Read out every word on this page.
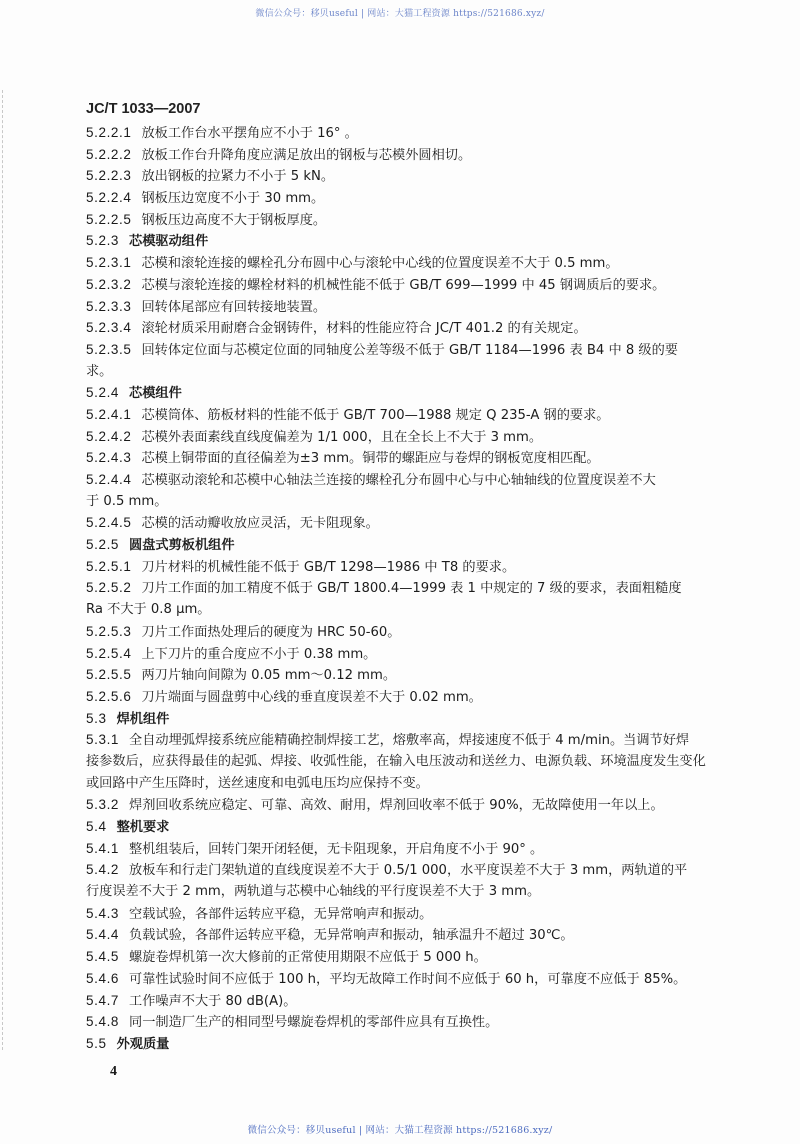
微信公众号：移贝useful | 网站：大猫工程资源 https://521686.xyz/
JC/T 1033—2007
5.2.2.1 放板工作台水平摆角应不小于 16° 。
5.2.2.2 放板工作台升降角度应满足放出的钢板与芯模外圆相切。
5.2.2.3 放出钢板的拉紧力不小于 5 kN。
5.2.2.4 钢板压边宽度不小于 30 mm。
5.2.2.5 钢板压边高度不大于钢板厚度。
5.2.3 芯模驱动组件
5.2.3.1 芯模和滚轮连接的螺栓孔分布圆中心与滚轮中心线的位置度误差不大于 0.5 mm。
5.2.3.2 芯模与滚轮连接的螺栓材料的机械性能不低于 GB/T 699—1999 中 45 钢调质后的要求。
5.2.3.3 回转体尾部应有回转接地装置。
5.2.3.4 滚轮材质采用耐磨合金钢铸件，材料的性能应符合 JC/T 401.2 的有关规定。
5.2.3.5 回转体定位面与芯模定位面的同轴度公差等级不低于 GB/T 1184—1996 表 B4 中 8 级的要
求。
5.2.4 芯模组件
5.2.4.1 芯模筒体、筋板材料的性能不低于 GB/T 700—1988 规定 Q 235-A 钢的要求。
5.2.4.2 芯模外表面素线直线度偏差为 1/1 000，且在全长上不大于 3 mm。
5.2.4.3 芯模上铜带面的直径偏差为±3 mm。铜带的螺距应与卷焊的钢板宽度相匹配。
5.2.4.4 芯模驱动滚轮和芯模中心轴法兰连接的螺栓孔分布圆中心与中心轴轴线的位置度误差不大
于 0.5 mm。
5.2.4.5 芯模的活动瓣收放应灵活，无卡阻现象。
5.2.5 圆盘式剪板机组件
5.2.5.1 刀片材料的机械性能不低于 GB/T 1298—1986 中 T8 的要求。
5.2.5.2 刀片工作面的加工精度不低于 GB/T 1800.4—1999 表 1 中规定的 7 级的要求，表面粗糙度
Ra 不大于 0.8 μm。
5.2.5.3 刀片工作面热处理后的硬度为 HRC 50-60。
5.2.5.4 上下刀片的重合度应不小于 0.38 mm。
5.2.5.5 两刀片轴向间隙为 0.05 mm～0.12 mm。
5.2.5.6 刀片端面与圆盘剪中心线的垂直度误差不大于 0.02 mm。
5.3 焊机组件
5.3.1 全自动埋弧焊接系统应能精确控制焊接工艺，熔敷率高，焊接速度不低于 4 m/min。当调节好焊
接参数后，应获得最佳的起弧、焊接、收弧性能，在输入电压波动和送丝力、电源负载、环境温度发生变化
或回路中产生压降时，送丝速度和电弧电压均应保持不变。
5.3.2 焊剂回收系统应稳定、可靠、高效、耐用，焊剂回收率不低于 90%，无故障使用一年以上。
5.4 整机要求
5.4.1 整机组装后，回转门架开闭轻便，无卡阻现象，开启角度不小于 90° 。
5.4.2 放板车和行走门架轨道的直线度误差不大于 0.5/1 000，水平度误差不大于 3 mm，两轨道的平
行度误差不大于 2 mm，两轨道与芯模中心轴线的平行度误差不大于 3 mm。
5.4.3 空载试验，各部件运转应平稳，无异常响声和振动。
5.4.4 负载试验，各部件运转应平稳，无异常响声和振动，轴承温升不超过 30℃。
5.4.5 螺旋卷焊机第一次大修前的正常使用期限不应低于 5 000 h。
5.4.6 可靠性试验时间不应低于 100 h，平均无故障工作时间不应低于 60 h，可靠度不应低于 85%。
5.4.7 工作噪声不大于 80 dB(A)。
5.4.8 同一制造厂生产的相同型号螺旋卷焊机的零部件应具有互换性。
5.5 外观质量
4
微信公众号：移贝useful | 网站：大猫工程资源 https://521686.xyz/
